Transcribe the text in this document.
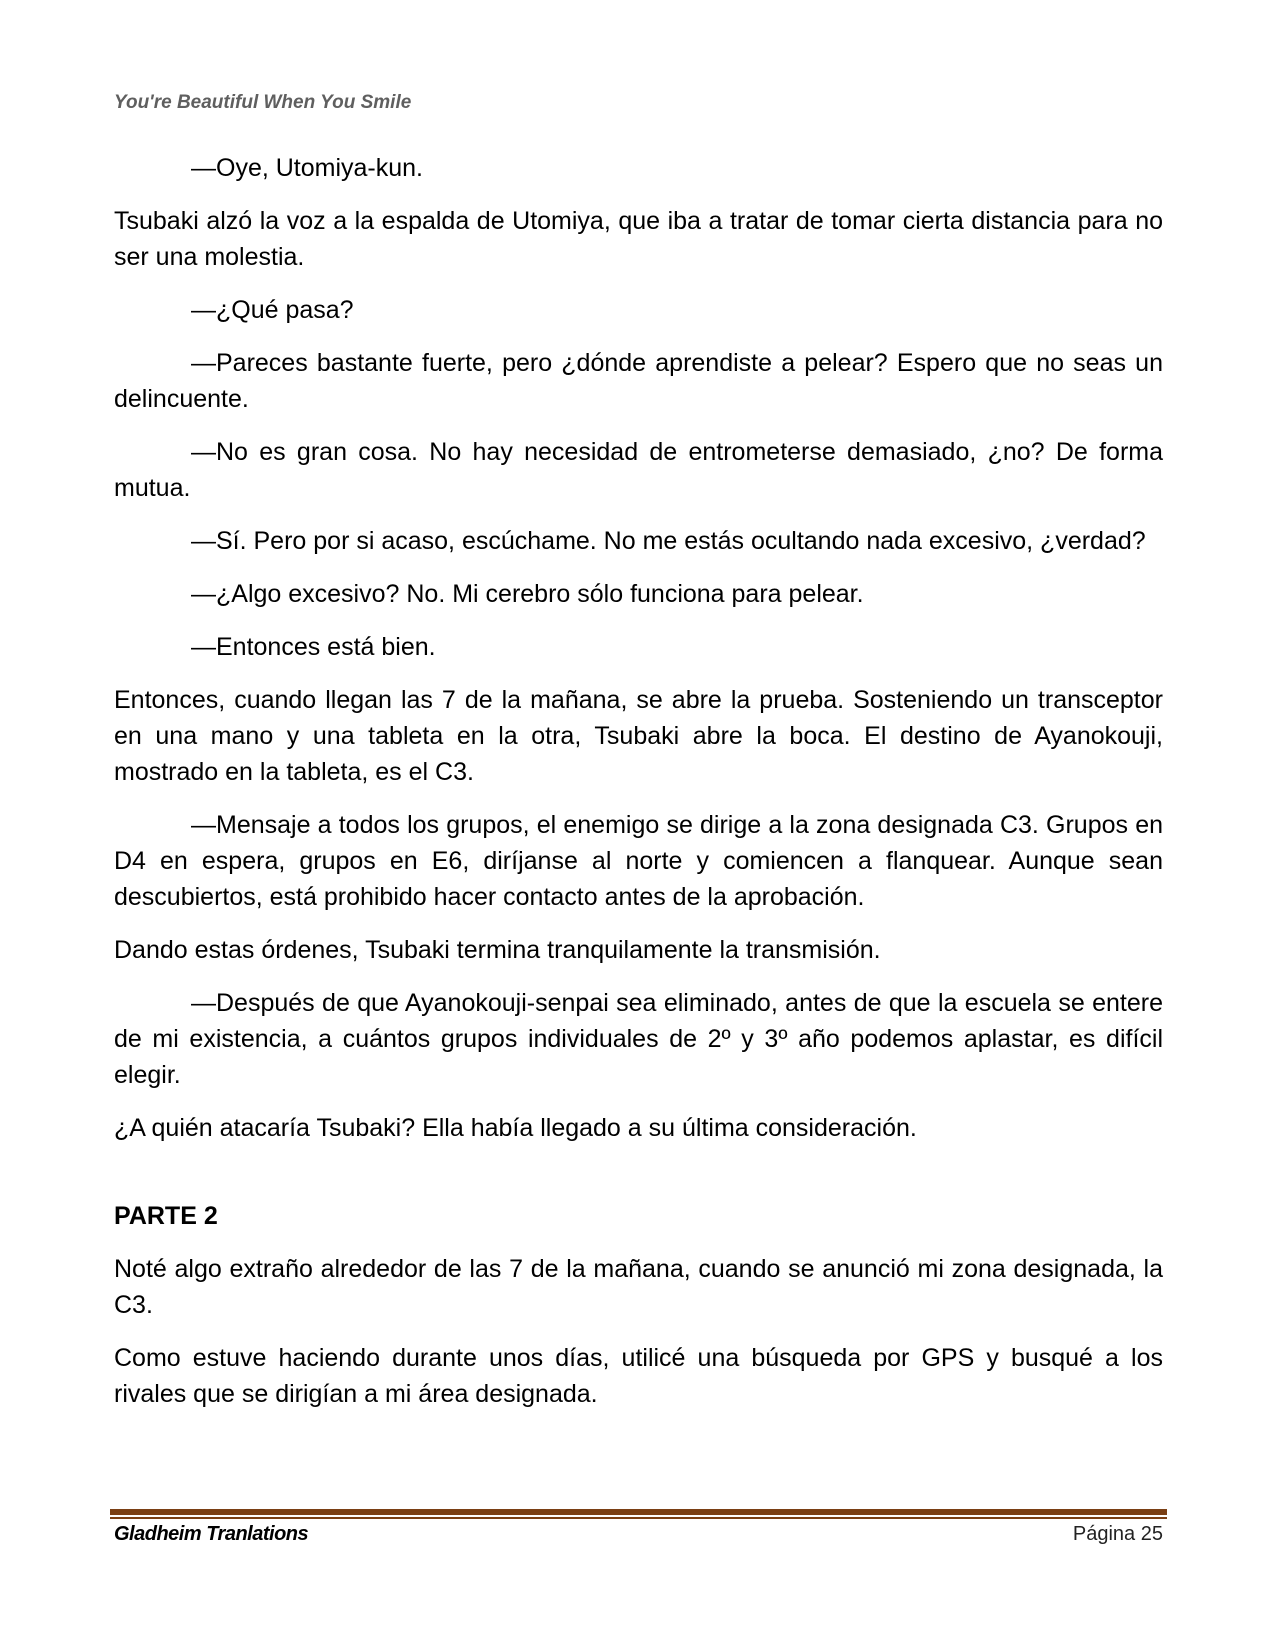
You're Beautiful When You Smile

—Oye, Utomiya-kun.

Tsubaki alzó la voz a la espalda de Utomiya, que iba a tratar de tomar cierta distancia para no ser una molestia.

—¿Qué pasa?

—Pareces bastante fuerte, pero ¿dónde aprendiste a pelear? Espero que no seas un delincuente.

—No es gran cosa. No hay necesidad de entrometerse demasiado, ¿no? De forma mutua.

—Sí. Pero por si acaso, escúchame. No me estás ocultando nada excesivo, ¿verdad?

—¿Algo excesivo? No. Mi cerebro sólo funciona para pelear.

—Entonces está bien.

Entonces, cuando llegan las 7 de la mañana, se abre la prueba. Sosteniendo un transceptor en una mano y una tableta en la otra, Tsubaki abre la boca. El destino de Ayanokouji, mostrado en la tableta, es el C3.

—Mensaje a todos los grupos, el enemigo se dirige a la zona designada C3. Grupos en D4 en espera, grupos en E6, diríjanse al norte y comiencen a flanquear. Aunque sean descubiertos, está prohibido hacer contacto antes de la aprobación.

Dando estas órdenes, Tsubaki termina tranquilamente la transmisión.

—Después de que Ayanokouji-senpai sea eliminado, antes de que la escuela se entere de mi existencia, a cuántos grupos individuales de 2º y 3º año podemos aplastar, es difícil elegir.

¿A quién atacaría Tsubaki? Ella había llegado a su última consideración.

PARTE 2

Noté algo extraño alrededor de las 7 de la mañana, cuando se anunció mi zona designada, la C3.

Como estuve haciendo durante unos días, utilicé una búsqueda por GPS y busqué a los rivales que se dirigían a mi área designada.

Gladheim Tranlations	Página 25
